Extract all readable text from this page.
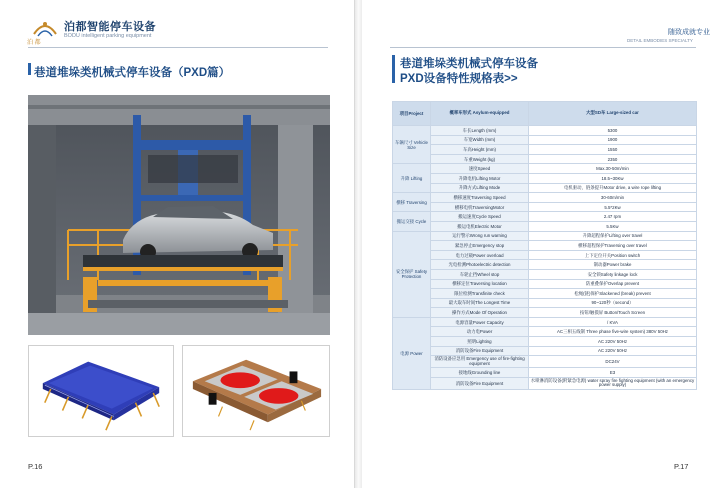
泊 都
泊都智能停车设备
BODU intelligent parking equipment
巷道堆垛类机械式停车设备（PXD篇）
P.16
随致成就专业
DETAIL EMBODIES SPECIALTY
巷道堆垛类机械式停车设备
PXD设备特性规格表>>
项目Project	概率车形式 Asylum-equipped	大型SD车 Large-sized car
车辆尺寸 Vehicle Size	车长Length (mm)	5300
	车宽Width (mm)	1900
	车高Height (mm)	1550
	车重Weight (kg)	2350
升降 Lifting	速度Speed	Max.30-50m/min
	升降电机Lifting Motor	18.5~30Kw
	升降方式Lifting Mode	电机驱动，链条提升Motor drive, a wire rope lifting
横移 Traversing	横移速度Traversing Speed	30-60m/min
	横移电机TraversingMotor	5.5*2Kw
搬运交接 Cycle	搬运速度Cycle Speed	2.47 rpm
	搬运电机Electric Motor	5.5Kw
安全保护 Safety Protection	运行警示Wrong run warning	升降超程保护Lifting over travel
	紧急停止Emergency stop	横移超程保护Traversing over travel
	电力过载Power overload	上下定位开关Position switch
	光电检测Photoelectric detection	制动器Power brake
	车轮止挡Wheel stop	安全锁Safety linkage lock
	横移定位Traversing location	防重叠保护Overlap prevent
	限位检测Transfinite check	松绳(链)保护Slackened (break) prevent
	最大取车时间The Longest Time	90~120秒（second）
	操作方式Mode Of Operation	按钮/触摸屏 Button/Touch Screen
电源 Power	电源容量Power Capacity	/ KVA
	动力电Power	AC三相五线制 Three phase five-wire system) 380V 50Hz
	照明Lighting	AC 220V 50Hz
	消防设备Fire Equipment	AC 220V 50Hz
	消防设备应急用 Emergency use of fire-fighting equipment	DC24V
	接地线Grounding line	E3
	消防设备Fire Equipment	水喷淋消防设备(附紧急电源) water spray fire fighting equipment (with an emergency power supply)
P.17
